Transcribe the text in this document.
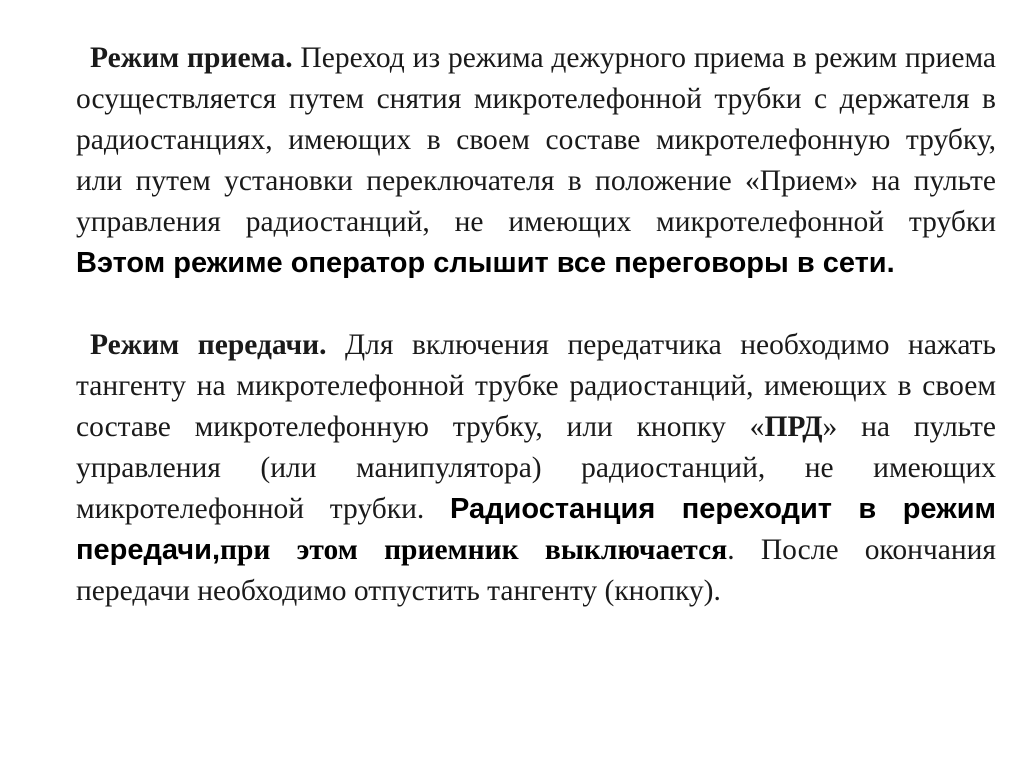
Режим приема. Переход из режима дежурного приема в режим приема осуществляется путем снятия микротелефонной трубки с держателя в радиостанциях, имеющих в своем составе микротелефонную трубку, или путем установки переключателя в положение «Прием» на пульте управления радиостанций, не имеющих микротелефонной трубки Вэтом режиме оператор слышит все переговоры в сети.

Режим передачи. Для включения передатчика необходимо нажать тангенту на микротелефонной трубке радиостанций, имеющих в своем составе микротелефонную трубку, или кнопку «ПРД» на пульте управления (или манипулятора) радиостанций, не имеющих микротелефонной трубки. Радиостанция переходит в режим передачи,при этом приемник выключается. После окончания передачи необходимо отпустить тангенту (кнопку).
